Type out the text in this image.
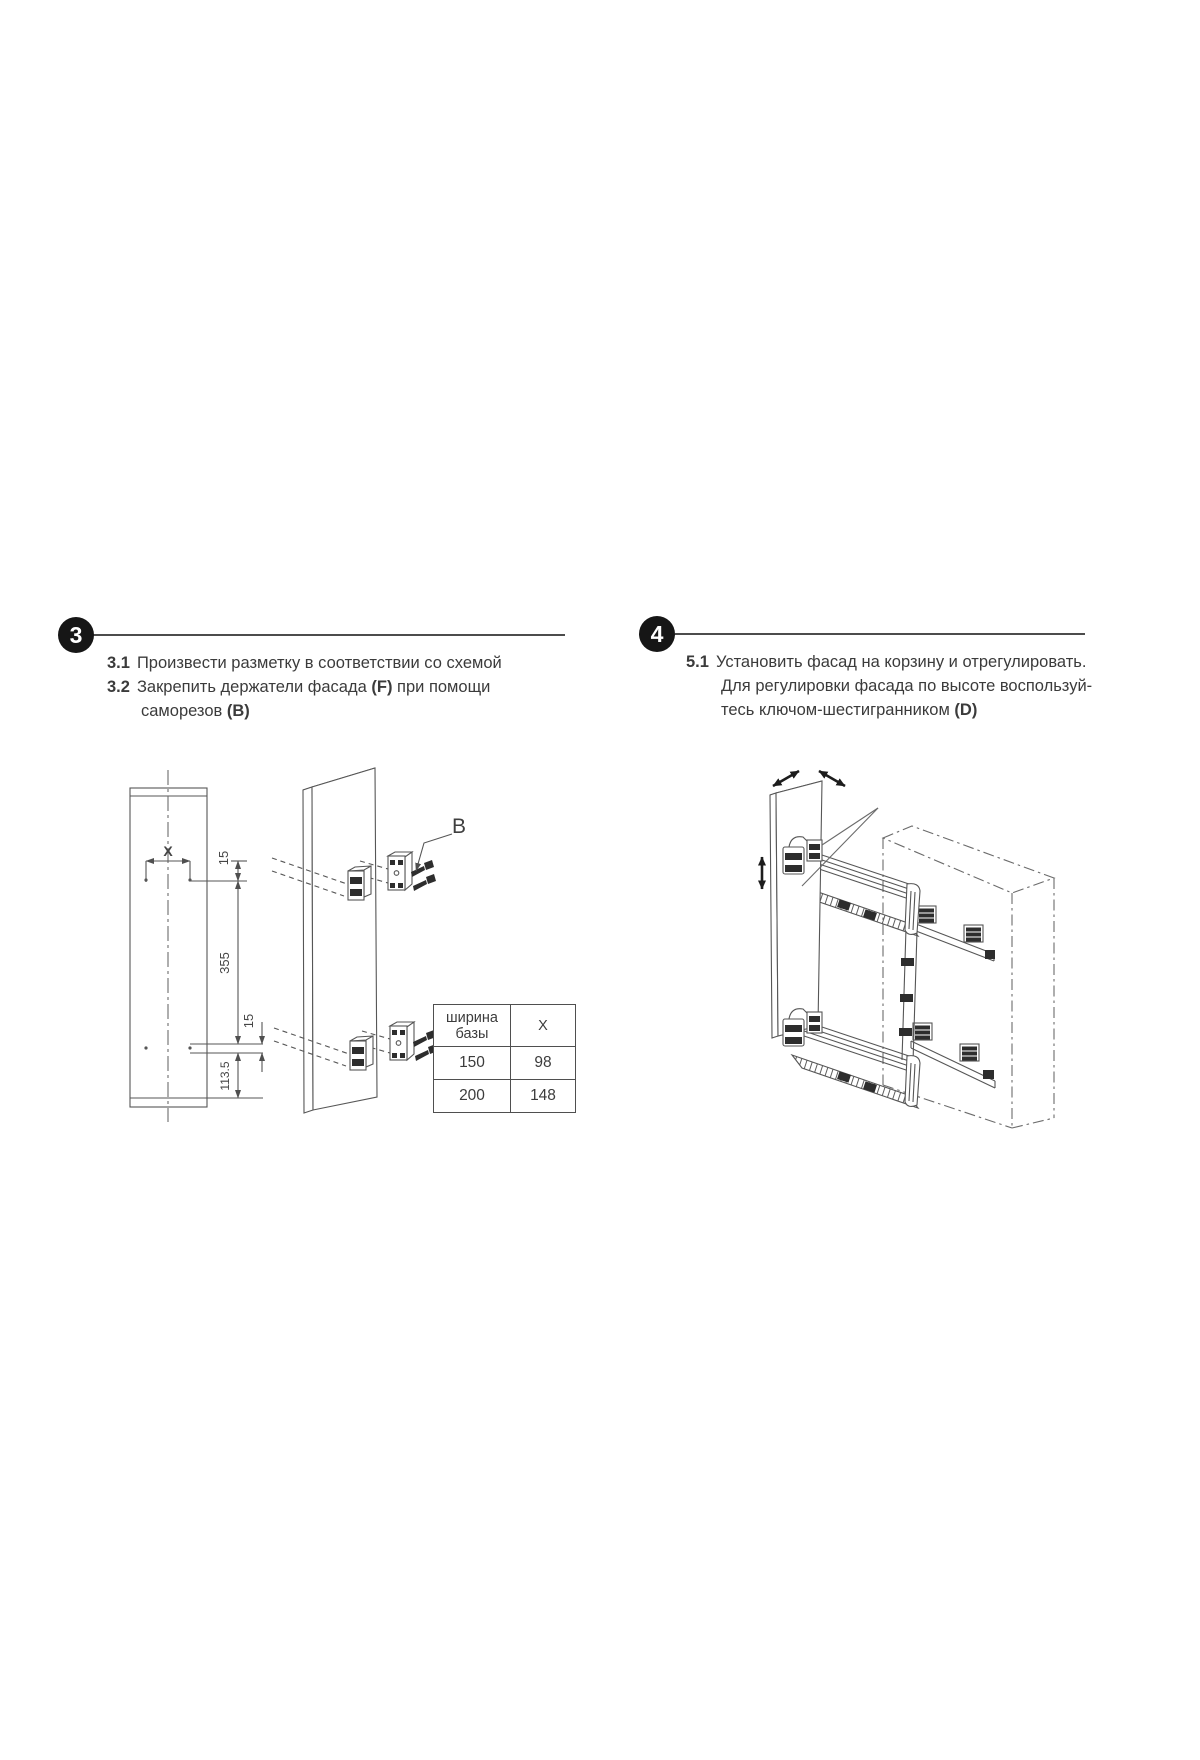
3
3.1 Произвести разметку в соответствии со схемой
3.2 Закрепить держатели фасада (F) при помощи
саморезов (B)
4
5.1 Установить фасад на корзину и отрегулировать.
Для регулировки фасада по высоте воспользуй-
тесь ключом-шестигранником (D)
ширина
базы	X
150	98
200	148
X	15
355
15
113.5
B
